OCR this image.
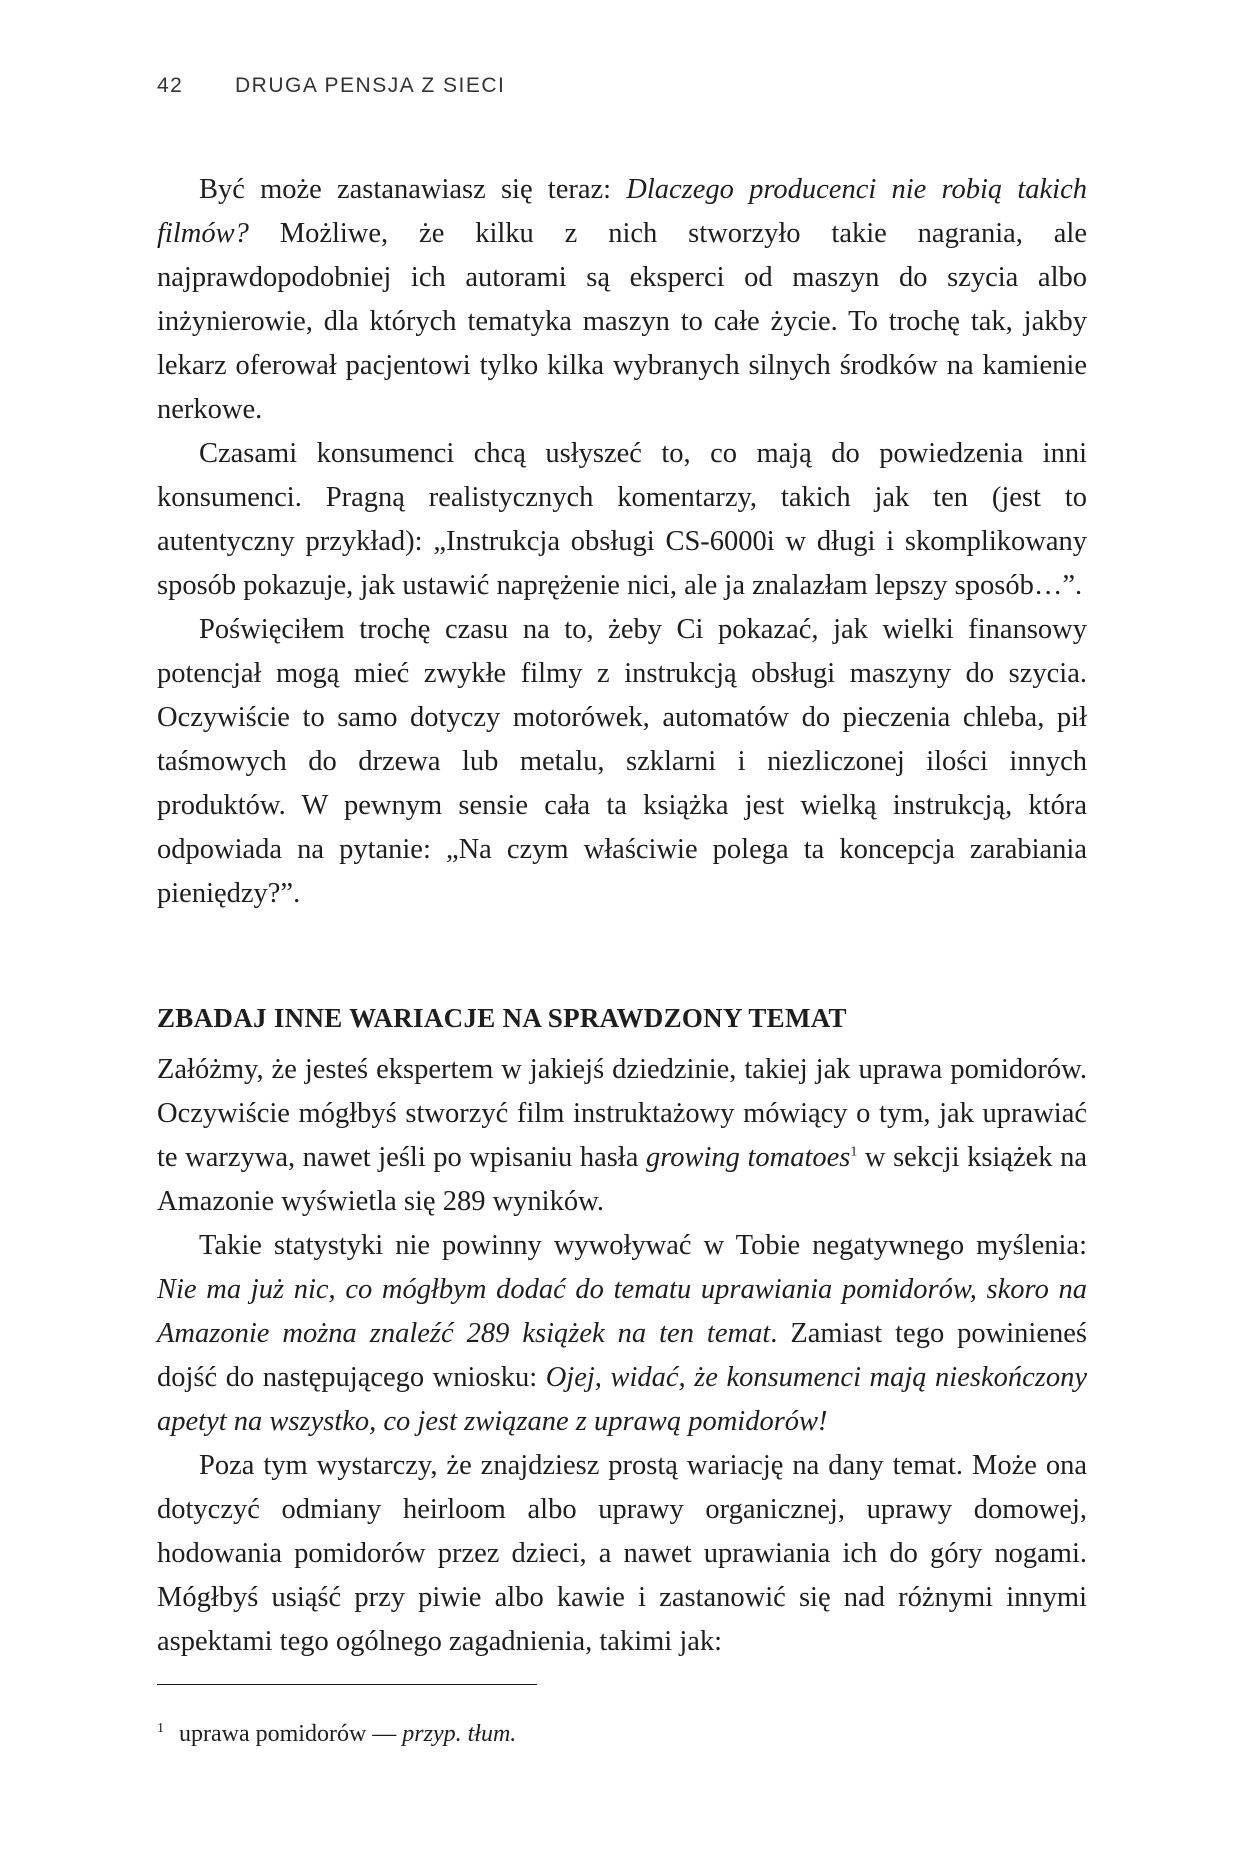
42 DRUGA PENSJA Z SIECI

Być może zastanawiasz się teraz: Dlaczego producenci nie robią takich filmów? Możliwe, że kilku z nich stworzyło takie nagrania, ale najprawdopodobniej ich autorami są eksperci od maszyn do szycia albo inżynierowie, dla których tematyka maszyn to całe życie. To trochę tak, jakby lekarz oferował pacjentowi tylko kilka wybranych silnych środków na kamienie nerkowe.

Czasami konsumenci chcą usłyszeć to, co mają do powiedzenia inni konsumenci. Pragną realistycznych komentarzy, takich jak ten (jest to autentyczny przykład): „Instrukcja obsługi CS-6000i w długi i skomplikowany sposób pokazuje, jak ustawić naprężenie nici, ale ja znalazłam lepszy sposób…”.

Poświęciłem trochę czasu na to, żeby Ci pokazać, jak wielki finansowy potencjał mogą mieć zwykłe filmy z instrukcją obsługi maszyny do szycia. Oczywiście to samo dotyczy motorówek, automatów do pieczenia chleba, pił taśmowych do drzewa lub metalu, szklarni i niezliczonej ilości innych produktów. W pewnym sensie cała ta książka jest wielką instrukcją, która odpowiada na pytanie: „Na czym właściwie polega ta koncepcja zarabiania pieniędzy?”.

ZBADAJ INNE WARIACJE NA SPRAWDZONY TEMAT

Załóżmy, że jesteś ekspertem w jakiejś dziedzinie, takiej jak uprawa pomidorów. Oczywiście mógłbyś stworzyć film instruktażowy mówiący o tym, jak uprawiać te warzywa, nawet jeśli po wpisaniu hasła growing tomatoes$^1$ w sekcji książek na Amazonie wyświetla się 289 wyników.

Takie statystyki nie powinny wywoływać w Tobie negatywnego myślenia: Nie ma już nic, co mógłbym dodać do tematu uprawiania pomidorów, skoro na Amazonie można znaleźć 289 książek na ten temat. Zamiast tego powinieneś dojść do następującego wniosku: Ojej, widać, że konsumenci mają nieskończony apetyt na wszystko, co jest związane z uprawą pomidorów!

Poza tym wystarczy, że znajdziesz prostą wariację na dany temat. Może ona dotyczyć odmiany heirloom albo uprawy organicznej, uprawy domowej, hodowania pomidorów przez dzieci, a nawet uprawiania ich do góry nogami. Mógłbyś usiąść przy piwie albo kawie i zastanowić się nad różnymi innymi aspektami tego ogólnego zagadnienia, takimi jak:

$^1$ uprawa pomidorów — przyp. tłum.
